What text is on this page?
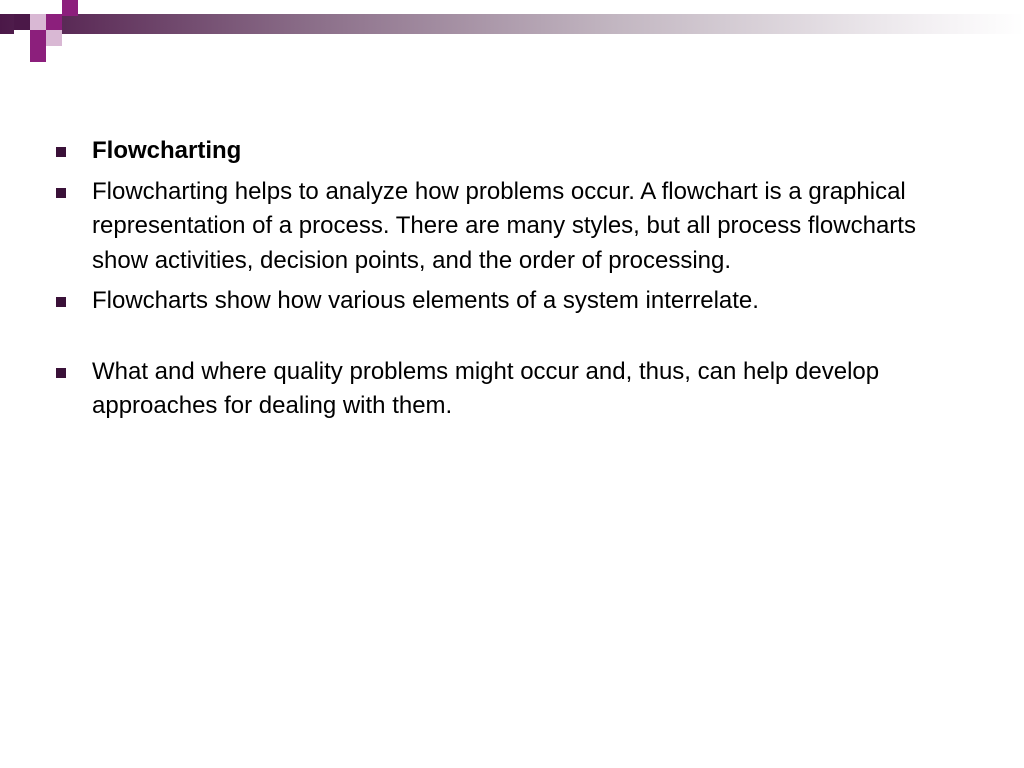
Flowcharting
Flowcharting helps to analyze how problems occur. A flowchart is a graphical representation of a process. There are many styles, but all process flowcharts show activities, decision points, and the order of processing.
Flowcharts show how various elements of a system interrelate.
What and where quality problems might occur and, thus, can help develop approaches for dealing with them.
